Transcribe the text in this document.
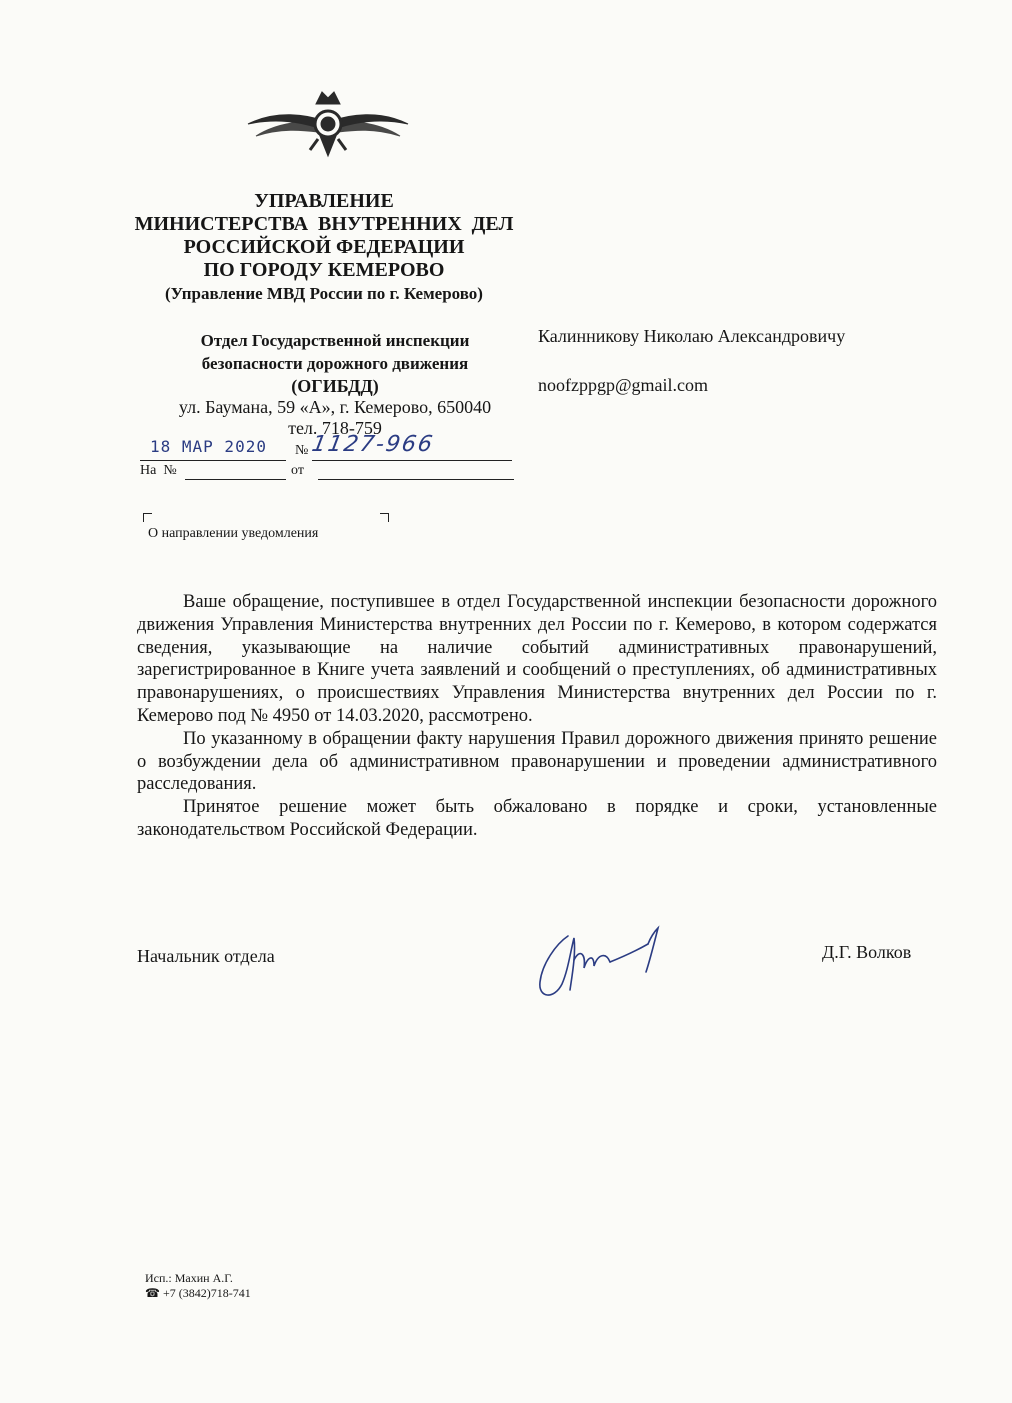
УПРАВЛЕНИЕ
МИНИСТЕРСТВА  ВНУТРЕННИХ  ДЕЛ
РОССИЙСКОЙ ФЕДЕРАЦИИ
ПО ГОРОДУ КЕМЕРОВО
(Управление МВД России по г. Кемерово)
Отдел Государственной инспекции
безопасности дорожного движения
(ОГИБДД)
ул. Баумана, 59 «А», г. Кемерово, 650040
тел. 718-759
№
18 MAP 2020 1127-966
На  №	от
Калинникову Николаю Александровичу
noofzppgp@gmail.com
О направлении уведомления

Ваше обращение, поступившее в отдел Государственной инспекции безопасности дорожного движения Управления Министерства внутренних дел России по г. Кемерово, в котором содержатся сведения, указывающие на наличие событий административных правонарушений, зарегистрированное в Книге учета заявлений и сообщений о преступлениях, об административных правонарушениях, о происшествиях Управления Министерства внутренних дел России по г. Кемерово под № 4950 от 14.03.2020, рассмотрено.

По указанному в обращении факту нарушения Правил дорожного движения принято решение о возбуждении дела об административном правонарушении и проведении административного расследования.

Принятое решение может быть обжаловано в порядке и сроки, установленные законодательством Российской Федерации.

Начальник отдела	Д.Г. Волков
Исп.: Махин А.Г.
☎ +7 (3842)718-741
